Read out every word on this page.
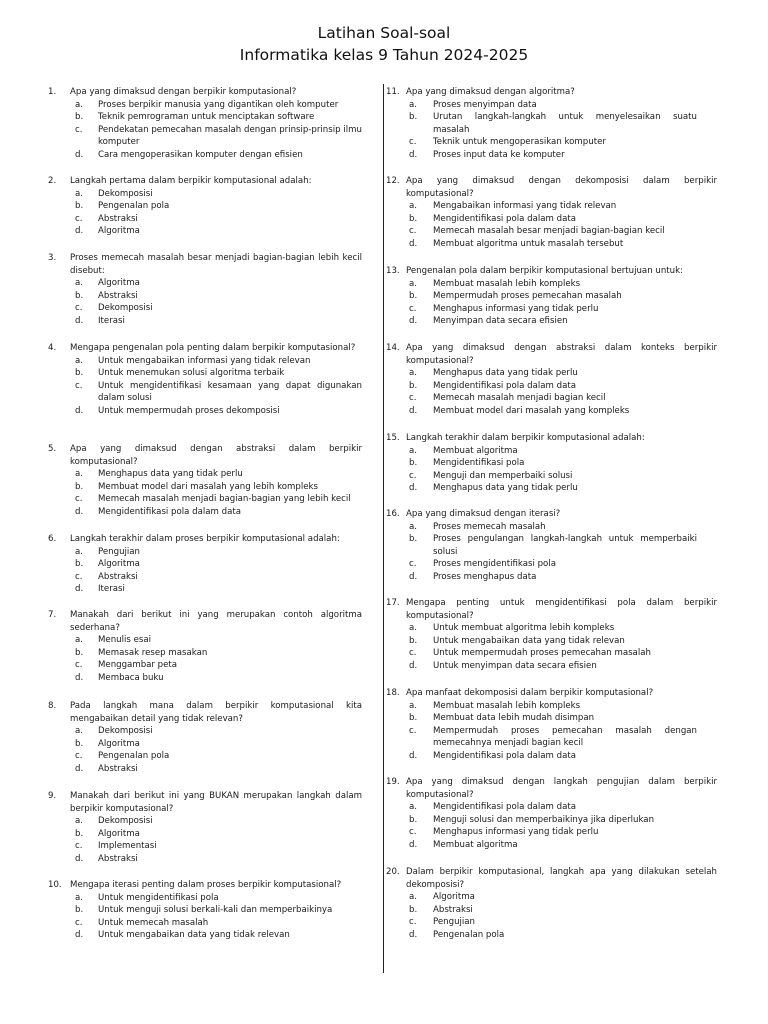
Latihan Soal-soal
Informatika kelas 9 Tahun 2024-2025
1. Apa yang dimaksud dengan berpikir komputasional?
a. Proses berpikir manusia yang digantikan oleh komputer
b. Teknik pemrograman untuk menciptakan software
c. Pendekatan pemecahan masalah dengan prinsip-prinsip ilmu komputer
d. Cara mengoperasikan komputer dengan efisien
2. Langkah pertama dalam berpikir komputasional adalah:
a. Dekomposisi
b. Pengenalan pola
c. Abstraksi
d. Algoritma
3. Proses memecah masalah besar menjadi bagian-bagian lebih kecil disebut:
a. Algoritma
b. Abstraksi
c. Dekomposisi
d. Iterasi
4. Mengapa pengenalan pola penting dalam berpikir komputasional?
a. Untuk mengabaikan informasi yang tidak relevan
b. Untuk menemukan solusi algoritma terbaik
c. Untuk mengidentifikasi kesamaan yang dapat digunakan dalam solusi
d. Untuk mempermudah proses dekomposisi
5. Apa yang dimaksud dengan abstraksi dalam berpikir komputasional?
a. Menghapus data yang tidak perlu
b. Membuat model dari masalah yang lebih kompleks
c. Memecah masalah menjadi bagian-bagian yang lebih kecil
d. Mengidentifikasi pola dalam data
6. Langkah terakhir dalam proses berpikir komputasional adalah:
a. Pengujian
b. Algoritma
c. Abstraksi
d. Iterasi
7. Manakah dari berikut ini yang merupakan contoh algoritma sederhana?
a. Menulis esai
b. Memasak resep masakan
c. Menggambar peta
d. Membaca buku
8. Pada langkah mana dalam berpikir komputasional kita mengabaikan detail yang tidak relevan?
a. Dekomposisi
b. Algoritma
c. Pengenalan pola
d. Abstraksi
9. Manakah dari berikut ini yang BUKAN merupakan langkah dalam berpikir komputasional?
a. Dekomposisi
b. Algoritma
c. Implementasi
d. Abstraksi
10. Mengapa iterasi penting dalam proses berpikir komputasional?
a. Untuk mengidentifikasi pola
b. Untuk menguji solusi berkali-kali dan memperbaikinya
c. Untuk memecah masalah
d. Untuk mengabaikan data yang tidak relevan
11. Apa yang dimaksud dengan algoritma?
a. Proses menyimpan data
b. Urutan langkah-langkah untuk menyelesaikan suatu masalah
c. Teknik untuk mengoperasikan komputer
d. Proses input data ke komputer
12. Apa yang dimaksud dengan dekomposisi dalam berpikir komputasional?
a. Mengabaikan informasi yang tidak relevan
b. Mengidentifikasi pola dalam data
c. Memecah masalah besar menjadi bagian-bagian kecil
d. Membuat algoritma untuk masalah tersebut
13. Pengenalan pola dalam berpikir komputasional bertujuan untuk:
a. Membuat masalah lebih kompleks
b. Mempermudah proses pemecahan masalah
c. Menghapus informasi yang tidak perlu
d. Menyimpan data secara efisien
14. Apa yang dimaksud dengan abstraksi dalam konteks berpikir komputasional?
a. Menghapus data yang tidak perlu
b. Mengidentifikasi pola dalam data
c. Memecah masalah menjadi bagian kecil
d. Membuat model dari masalah yang kompleks
15. Langkah terakhir dalam berpikir komputasional adalah:
a. Membuat algoritma
b. Mengidentifikasi pola
c. Menguji dan memperbaiki solusi
d. Menghapus data yang tidak perlu
16. Apa yang dimaksud dengan iterasi?
a. Proses memecah masalah
b. Proses pengulangan langkah-langkah untuk memperbaiki solusi
c. Proses mengidentifikasi pola
d. Proses menghapus data
17. Mengapa penting untuk mengidentifikasi pola dalam berpikir komputasional?
a. Untuk membuat algoritma lebih kompleks
b. Untuk mengabaikan data yang tidak relevan
c. Untuk mempermudah proses pemecahan masalah
d. Untuk menyimpan data secara efisien
18. Apa manfaat dekomposisi dalam berpikir komputasional?
a. Membuat masalah lebih kompleks
b. Membuat data lebih mudah disimpan
c. Mempermudah proses pemecahan masalah dengan memecahnya menjadi bagian kecil
d. Mengidentifikasi pola dalam data
19. Apa yang dimaksud dengan langkah pengujian dalam berpikir komputasional?
a. Mengidentifikasi pola dalam data
b. Menguji solusi dan memperbaikinya jika diperlukan
c. Menghapus informasi yang tidak perlu
d. Membuat algoritma
20. Dalam berpikir komputasional, langkah apa yang dilakukan setelah dekomposisi?
a. Algoritma
b. Abstraksi
c. Pengujian
d. Pengenalan pola
